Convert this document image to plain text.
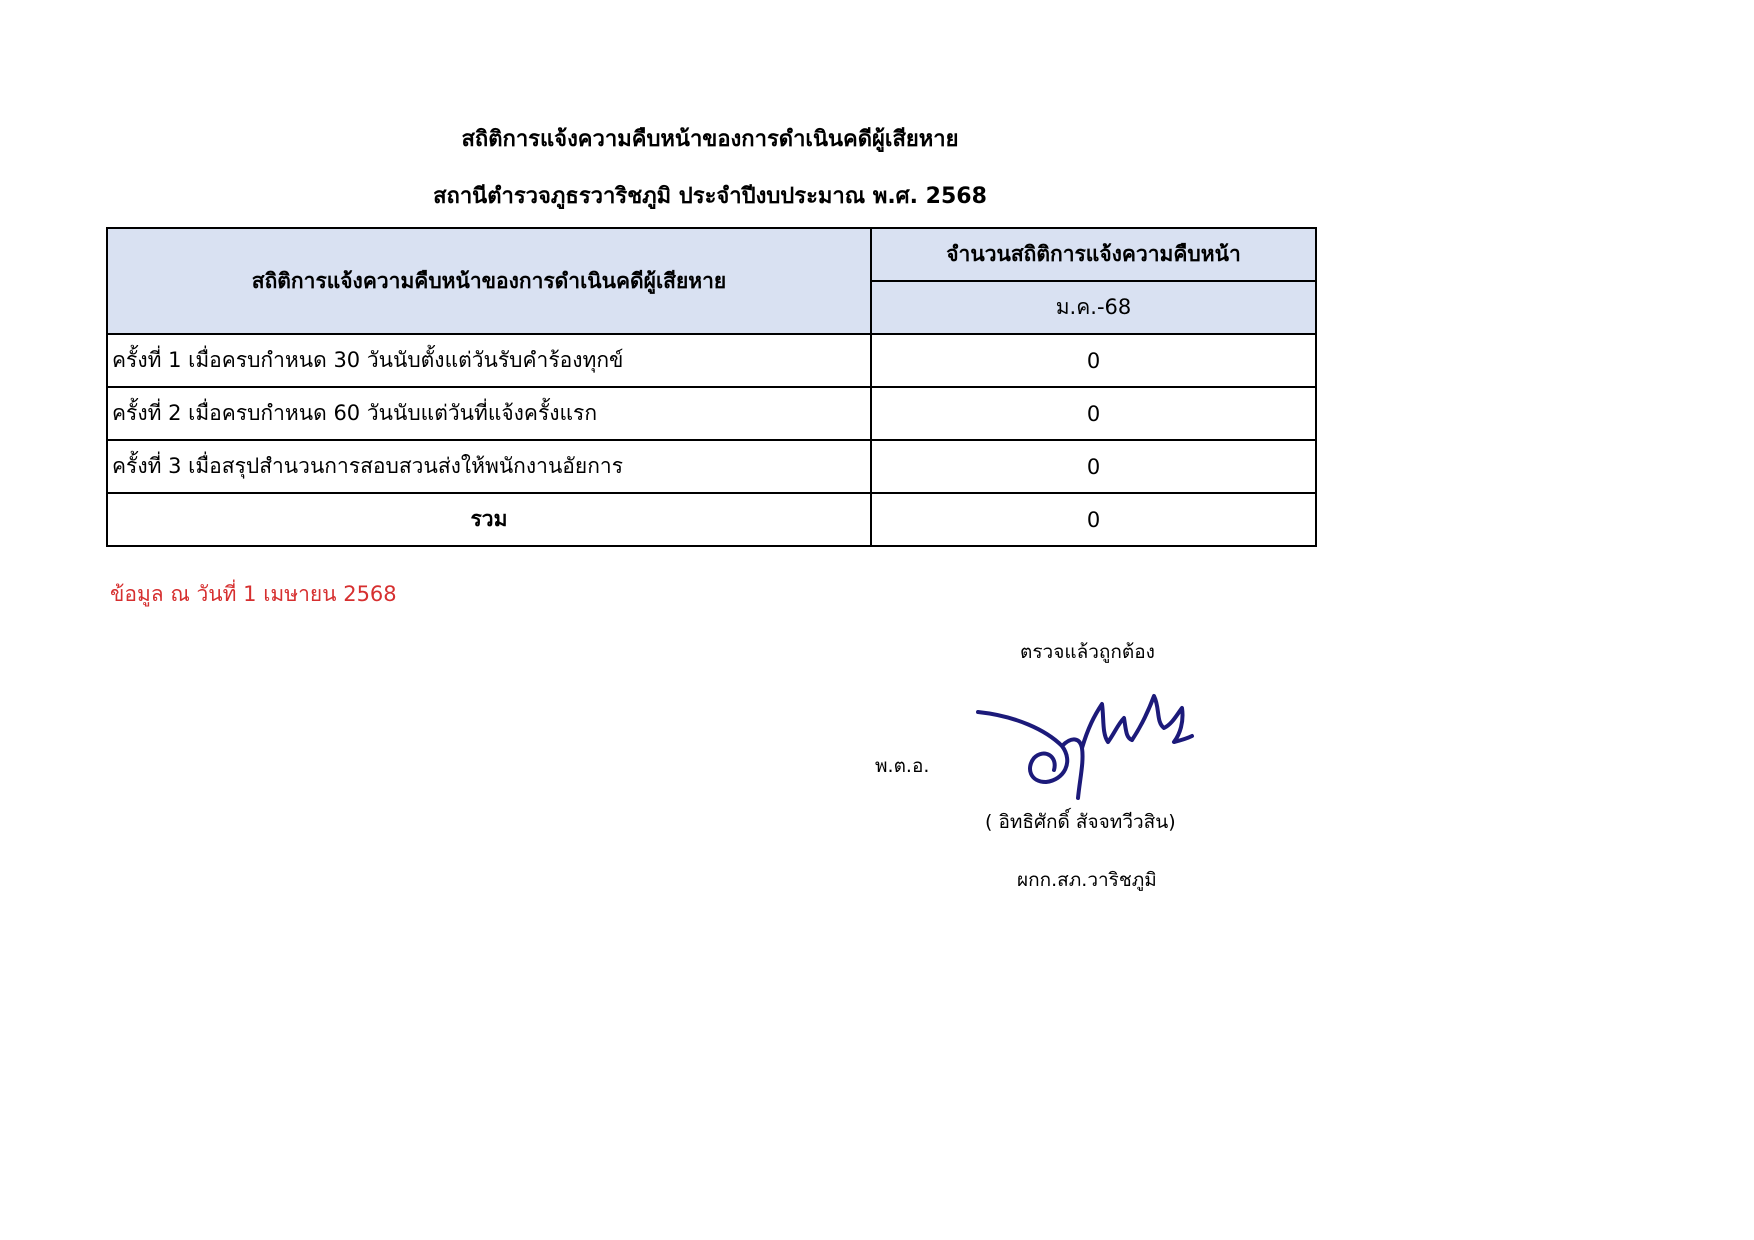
สถิติการแจ้งความคืบหน้าของการดำเนินคดีผู้เสียหาย
สถานีตำรวจภูธรวาริชภูมิ ประจำปีงบประมาณ พ.ศ. 2568
สถิติการแจ้งความคืบหน้าของการดำเนินคดีผู้เสียหาย	จำนวนสถิติการแจ้งความคืบหน้า
	ม.ค.-68
ครั้งที่ 1 เมื่อครบกำหนด 30 วันนับตั้งแต่วันรับคำร้องทุกข์	0
ครั้งที่ 2 เมื่อครบกำหนด 60 วันนับแต่วันที่แจ้งครั้งแรก	0
ครั้งที่ 3 เมื่อสรุปสำนวนการสอบสวนส่งให้พนักงานอัยการ	0
รวม	0
ข้อมูล ณ วันที่ 1 เมษายน 2568
ตรวจแล้วถูกต้อง
พ.ต.อ.
( อิทธิศักดิ์ สัจจทวีวสิน)
ผกก.สภ.วาริชภูมิ
